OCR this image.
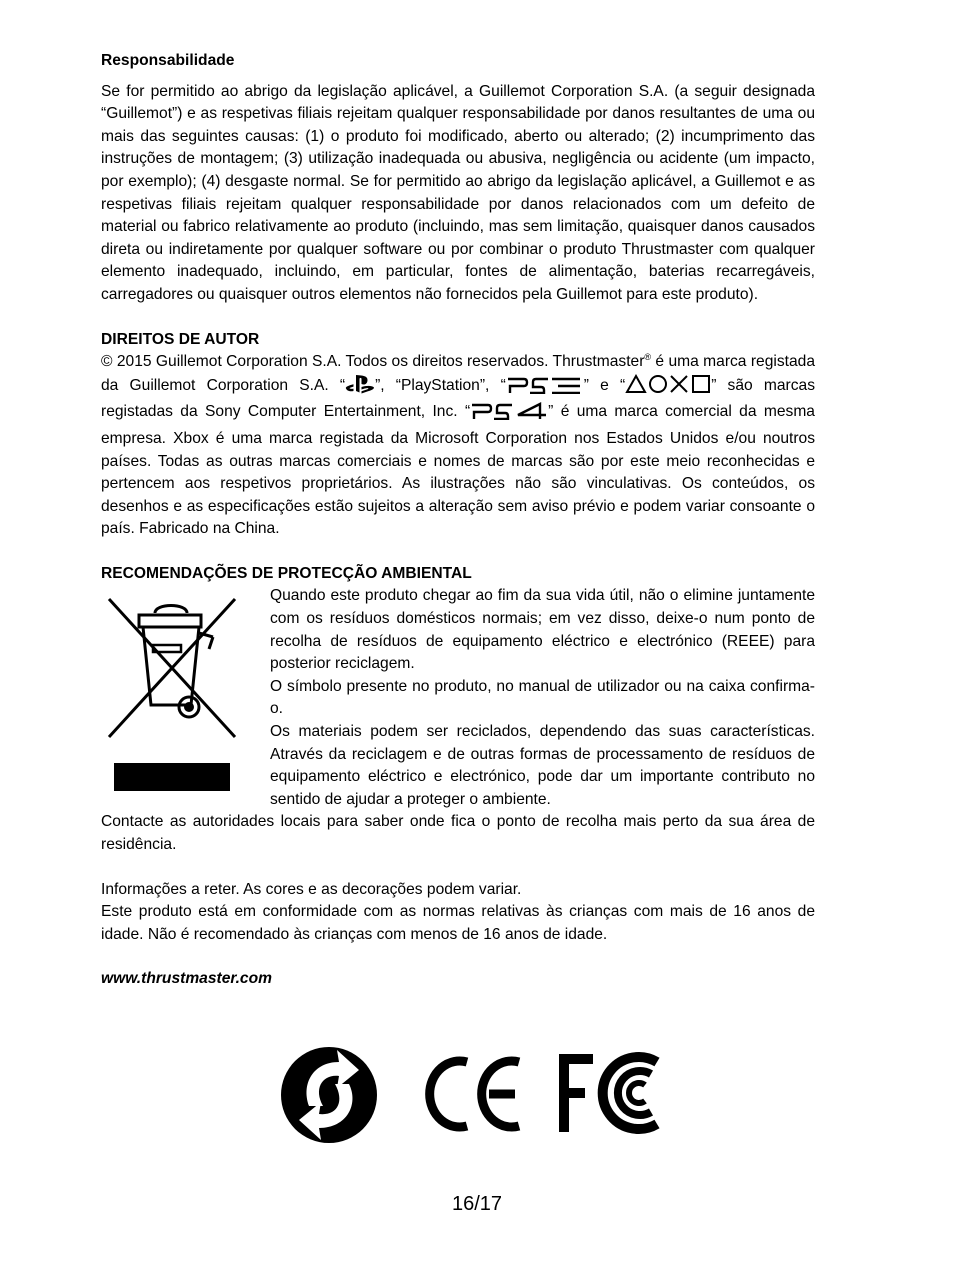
Responsabilidade

Se for permitido ao abrigo da legislação aplicável, a Guillemot Corporation S.A. (a seguir designada “Guillemot”) e as respetivas filiais rejeitam qualquer responsabilidade por danos resultantes de uma ou mais das seguintes causas: (1) o produto foi modificado, aberto ou alterado; (2) incumprimento das instruções de montagem; (3) utilização inadequada ou abusiva, negligência ou acidente (um impacto, por exemplo); (4) desgaste normal. Se for permitido ao abrigo da legislação aplicável, a Guillemot e as respetivas filiais rejeitam qualquer responsabilidade por danos relacionados com um defeito de material ou fabrico relativamente ao produto (incluindo, mas sem limitação, quaisquer danos causados direta ou indiretamente por qualquer software ou por combinar o produto Thrustmaster com qualquer elemento inadequado, incluindo, em particular, fontes de alimentação, baterias recarregáveis, carregadores ou quaisquer outros elementos não fornecidos pela Guillemot para este produto).

DIREITOS DE AUTOR

© 2015 Guillemot Corporation S.A. Todos os direitos reservados. Thrustmaster® é uma marca registada da Guillemot Corporation S.A. “ ”, “PlayStation”, “	” e “	” são marcas registadas da Sony Computer Entertainment, Inc. “	” é uma marca comercial da mesma empresa. Xbox é uma marca registada da Microsoft Corporation nos Estados Unidos e/ou noutros países. Todas as outras marcas comerciais e nomes de marcas são por este meio reconhecidas e pertencem aos respetivos proprietários. As ilustrações não são vinculativas. Os conteúdos, os desenhos e as especificações estão sujeitos a alteração sem aviso prévio e podem variar consoante o país. Fabricado na China.

RECOMENDAÇÕES DE PROTECÇÃO AMBIENTAL

Quando este produto chegar ao fim da sua vida útil, não o elimine juntamente com os resíduos domésticos normais; em vez disso, deixe-o num ponto de recolha de resíduos de equipamento eléctrico e electrónico (REEE) para posterior reciclagem.

O símbolo presente no produto, no manual de utilizador ou na caixa confirma-o.

Os materiais podem ser reciclados, dependendo das suas características. Através da reciclagem e de outras formas de processamento de resíduos de equipamento eléctrico e electrónico, pode dar um importante contributo no sentido de ajudar a proteger o ambiente.

Contacte as autoridades locais para saber onde fica o ponto de recolha mais perto da sua área de residência.

Informações a reter. As cores e as decorações podem variar.

Este produto está em conformidade com as normas relativas às crianças com mais de 16 anos de idade. Não é recomendado às crianças com menos de 16 anos de idade.

www.thrustmaster.com
16/17
